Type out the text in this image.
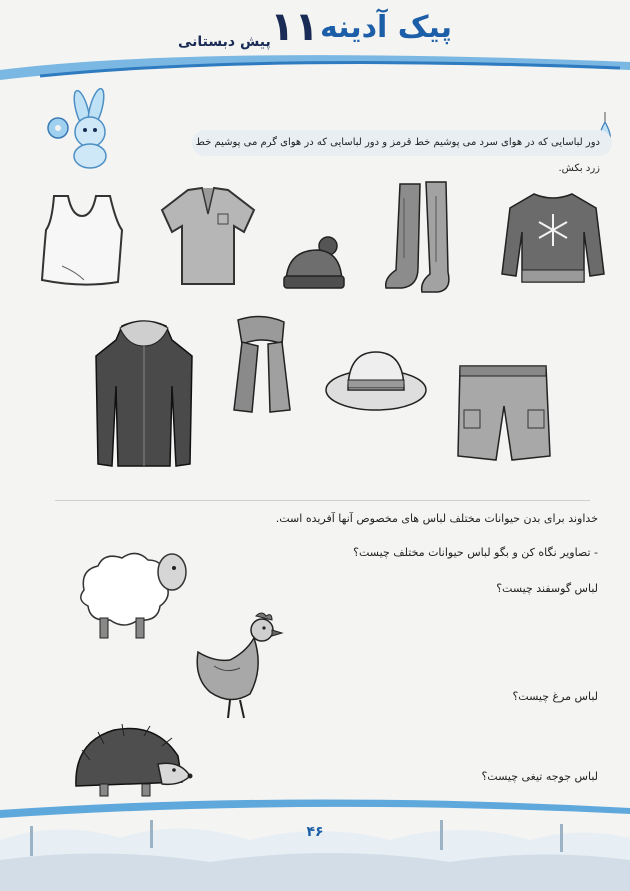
پیک آدینه
۱۱
پیش دبستانی
دور لباسایی که در هوای سرد می پوشیم خط قرمز و دور لباسایی که در هوای گرم می پوشیم خط زرد بکش.
خداوند برای بدن حیوانات مختلف لباس های مخصوص آنها آفریده است.
- تصاویر نگاه کن و بگو لباس حیوانات مختلف چیست؟
لباس گوسفند چیست؟
لباس مرغ چیست؟
لباس جوجه تیغی چیست؟
۴۶
